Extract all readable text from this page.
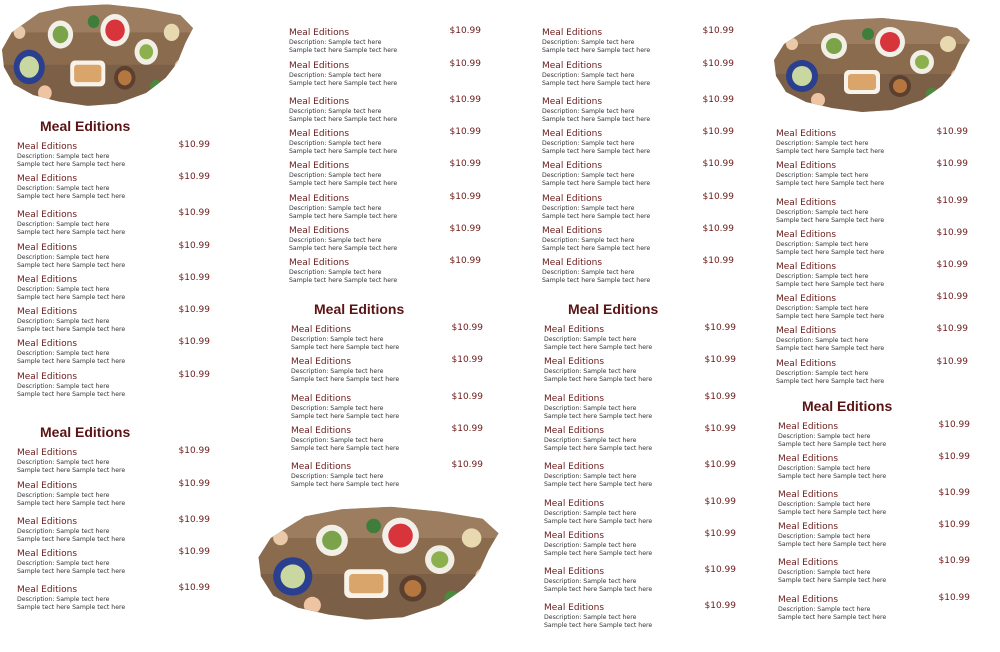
Meal Editions
Meal Editions
Meal Editions	Meal Editions
Meal Editions
Meal Editions	$10.99
Description: Sample tect here
Sample tect here Sample tect here
Meal Editions	$10.99
Description: Sample tect here
Sample tect here Sample tect here
Meal Editions	$10.99
Description: Sample tect here
Sample tect here Sample tect here
Meal Editions	$10.99
Description: Sample tect here
Sample tect here Sample tect here
Meal Editions	$10.99
Description: Sample tect here
Sample tect here Sample tect here
Meal Editions	$10.99
Description: Sample tect here
Sample tect here Sample tect here
Meal Editions	$10.99
Description: Sample tect here
Sample tect here Sample tect here
Meal Editions	$10.99
Description: Sample tect here
Sample tect here Sample tect here
Meal Editions	$10.99
Description: Sample tect here
Sample tect here Sample tect here
Meal Editions	$10.99
Description: Sample tect here
Sample tect here Sample tect here
Meal Editions	$10.99
Description: Sample tect here
Sample tect here Sample tect here
Meal Editions	$10.99
Description: Sample tect here
Sample tect here Sample tect here
Meal Editions	$10.99
Description: Sample tect here
Sample tect here Sample tect here
Meal Editions	$10.99
Description: Sample tect here
Sample tect here Sample tect here
Meal Editions	$10.99
Description: Sample tect here
Sample tect here Sample tect here
Meal Editions	$10.99
Description: Sample tect here
Sample tect here Sample tect here
Meal Editions	$10.99
Description: Sample tect here
Sample tect here Sample tect here
Meal Editions	$10.99
Description: Sample tect here
Sample tect here Sample tect here
Meal Editions	$10.99
Description: Sample tect here
Sample tect here Sample tect here
Meal Editions	$10.99
Description: Sample tect here
Sample tect here Sample tect here
Meal Editions	$10.99
Description: Sample tect here
Sample tect here Sample tect here
Meal Editions	$10.99
Description: Sample tect here
Sample tect here Sample tect here
Meal Editions	$10.99
Description: Sample tect here
Sample tect here Sample tect here
Meal Editions	$10.99
Description: Sample tect here
Sample tect here Sample tect here
Meal Editions	$10.99
Description: Sample tect here
Sample tect here Sample tect here
Meal Editions	$10.99
Description: Sample tect here
Sample tect here Sample tect here
Meal Editions	$10.99
Description: Sample tect here
Sample tect here Sample tect here
Meal Editions	$10.99
Description: Sample tect here
Sample tect here Sample tect here
Meal Editions	$10.99
Description: Sample tect here
Sample tect here Sample tect here
Meal Editions	$10.99
Description: Sample tect here
Sample tect here Sample tect here
Meal Editions	$10.99
Description: Sample tect here
Sample tect here Sample tect here
Meal Editions	$10.99
Description: Sample tect here
Sample tect here Sample tect here
Meal Editions	$10.99
Description: Sample tect here
Sample tect here Sample tect here
Meal Editions	$10.99
Description: Sample tect here
Sample tect here Sample tect here
Meal Editions	$10.99
Description: Sample tect here
Sample tect here Sample tect here
Meal Editions	$10.99
Description: Sample tect here
Sample tect here Sample tect here
Meal Editions	$10.99
Description: Sample tect here
Sample tect here Sample tect here
Meal Editions	$10.99
Description: Sample tect here
Sample tect here Sample tect here
Meal Editions	$10.99
Description: Sample tect here
Sample tect here Sample tect here
Meal Editions	$10.99
Description: Sample tect here
Sample tect here Sample tect here
Meal Editions	$10.99
Description: Sample tect here
Sample tect here Sample tect here
Meal Editions	$10.99
Description: Sample tect here
Sample tect here Sample tect here
Meal Editions	$10.99
Description: Sample tect here
Sample tect here Sample tect here
Meal Editions	$10.99
Description: Sample tect here
Sample tect here Sample tect here
Meal Editions	$10.99
Description: Sample tect here
Sample tect here Sample tect here
Meal Editions	$10.99
Description: Sample tect here
Sample tect here Sample tect here
Meal Editions	$10.99
Description: Sample tect here
Sample tect here Sample tect here
Meal Editions	$10.99
Description: Sample tect here
Sample tect here Sample tect here
Meal Editions	$10.99
Description: Sample tect here
Sample tect here Sample tect here
Meal Editions	$10.99
Description: Sample tect here
Sample tect here Sample tect here
Meal Editions	$10.99
Description: Sample tect here
Sample tect here Sample tect here
Meal Editions	$10.99
Description: Sample tect here
Sample tect here Sample tect here
Meal Editions	$10.99
Description: Sample tect here
Sample tect here Sample tect here
Meal Editions	$10.99
Description: Sample tect here
Sample tect here Sample tect here
Meal Editions	$10.99
Description: Sample tect here
Sample tect here Sample tect here
Meal Editions	$10.99
Description: Sample tect here
Sample tect here Sample tect here
Meal Editions	$10.99
Description: Sample tect here
Sample tect here Sample tect here
